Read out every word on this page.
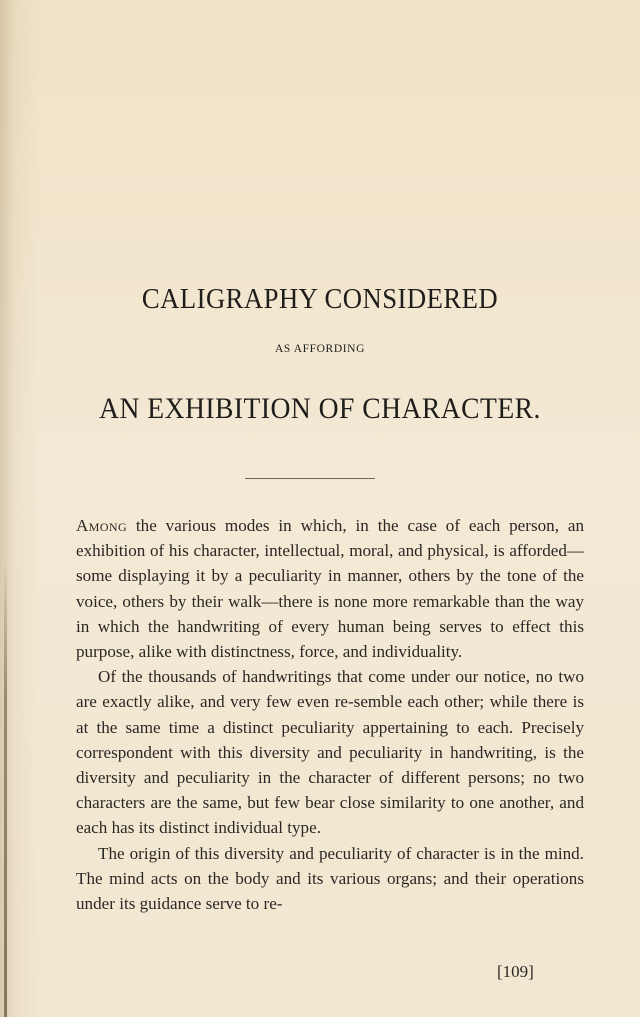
CALIGRAPHY CONSIDERED
AS AFFORDING
AN EXHIBITION OF CHARACTER.

Among the various modes in which, in the case of each person, an exhibition of his character, intellectual, moral, and physical, is afforded—some displaying it by a peculiarity in manner, others by the tone of the voice, others by their walk—there is none more remarkable than the way in which the handwriting of every human being serves to effect this purpose, alike with distinctness, force, and individuality.

Of the thousands of handwritings that come under our notice, no two are exactly alike, and very few even re-semble each other; while there is at the same time a distinct peculiarity appertaining to each. Precisely correspondent with this diversity and peculiarity in handwriting, is the diversity and peculiarity in the character of different persons; no two characters are the same, but few bear close similarity to one another, and each has its distinct individual type.

The origin of this diversity and peculiarity of character is in the mind. The mind acts on the body and its various organs; and their operations under its guidance serve to re-

[109]
